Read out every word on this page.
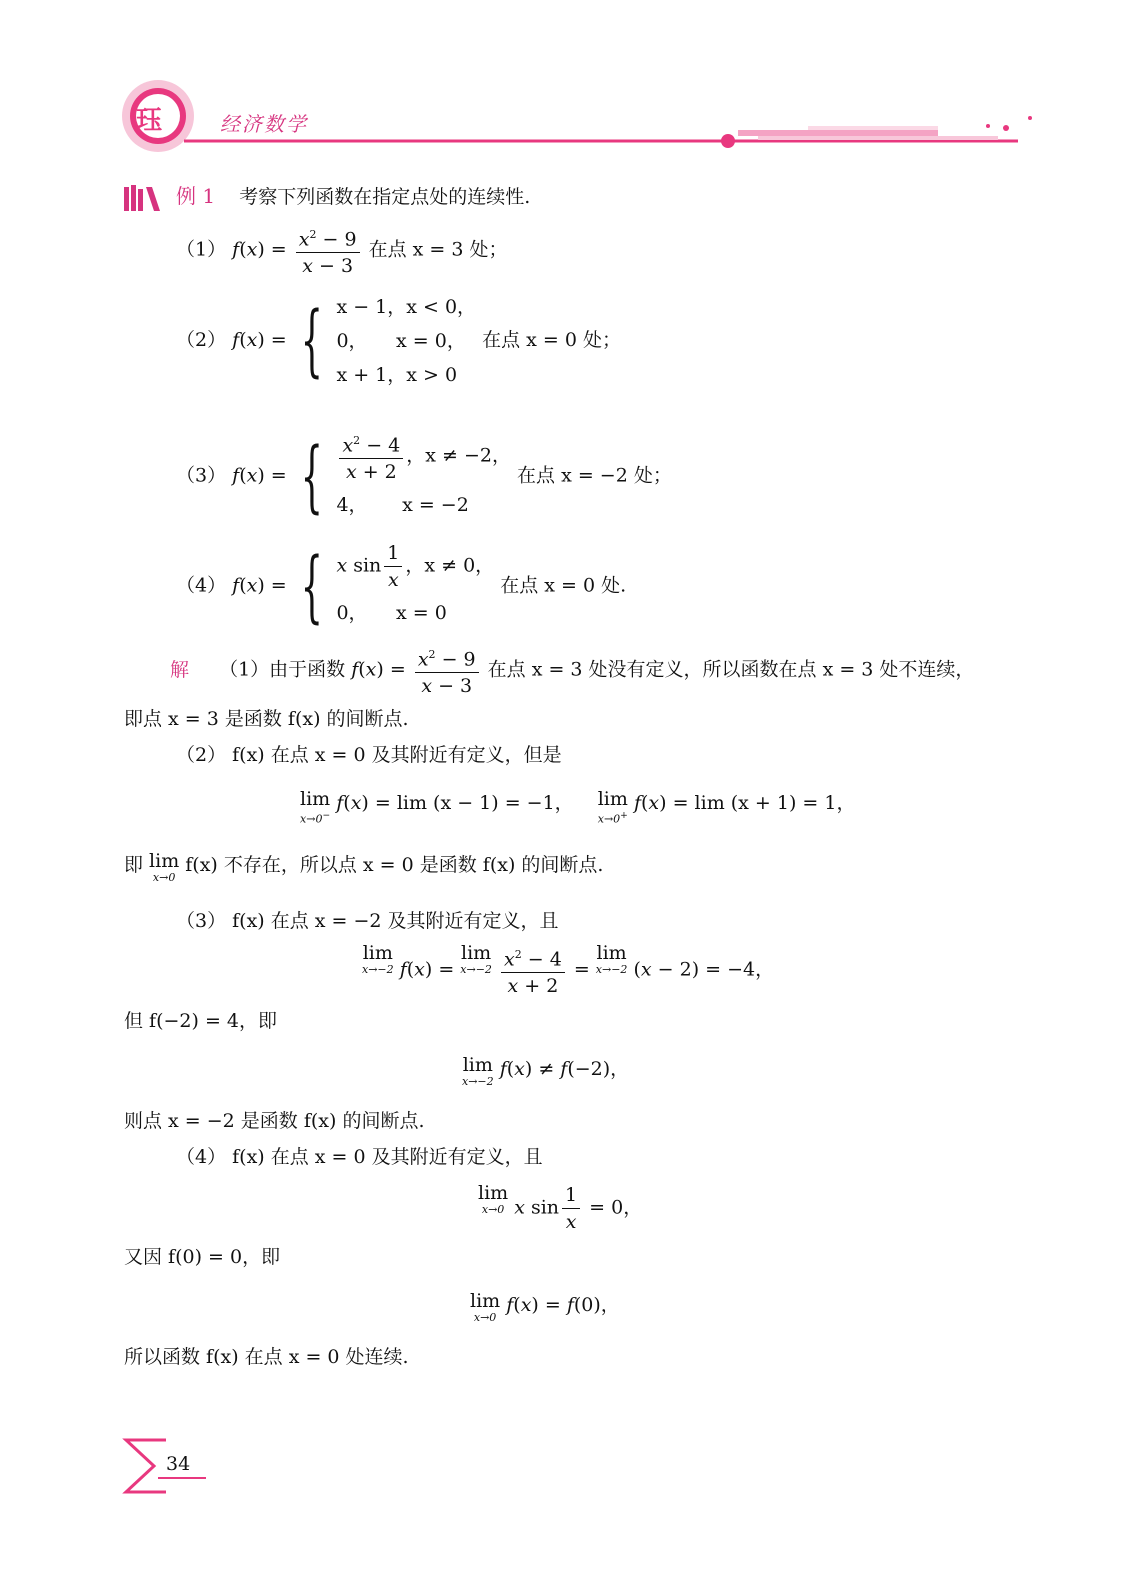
珏	经济数学
例 1 考察下列函数在指定点处的连续性.
（1） $f(x) = \frac{x^2 - 9}{x - 3}$ 在点 x = 3 处；
（2） f(x) = { x − 1，x < 0，
0，　　x = 0，
x + 1，x > 0
在点 x = 0 处；
（3） f(x) = { $\frac{x^2 - 4}{x + 2}$ ，x ≠ −2，
4，　　 x = −2
在点 x = −2 处；
（4） f(x) = { x $\sin \frac{1}{x}$ ，x ≠ 0，
0，　　x = 0
在点 x = 0 处.
解 （1）由于函数 $f(x) = \frac{x^2 - 9}{x - 3}$ 在点 x = 3 处没有定义，所以函数在点 x = 3 处不连续，
即点 x = 3 是函数 f(x) 的间断点.
（2） f(x) 在点 x = 0 及其附近有定义，但是
lim
x→0−
f(x) = lim (x − 1) = −1， lim
x→0+
f(x) = lim (x + 1) = 1，
即 lim
x→0
f(x) 不存在，所以点 x = 0 是函数 f(x) 的间断点.
（3） f(x) 在点 x = −2 及其附近有定义，且
lim
x→−2 f(x) = lim
x→−2
$\frac{x^2 - 4}{x + 2} = \lim$
x→−2 (x − 2) = −4，
但 f(−2) = 4，即
lim
x→−2
f(x) ≠ f(−2)，
则点 x = −2 是函数 f(x) 的间断点.
（4） f(x) 在点 x = 0 及其附近有定义，且
lim
x→0 x $\sin \frac{1}{x} = 0$，
又因 f(0) = 0，即
lim
x→0
f(x) = f(0)，
所以函数 f(x) 在点 x = 0 处连续.
34
